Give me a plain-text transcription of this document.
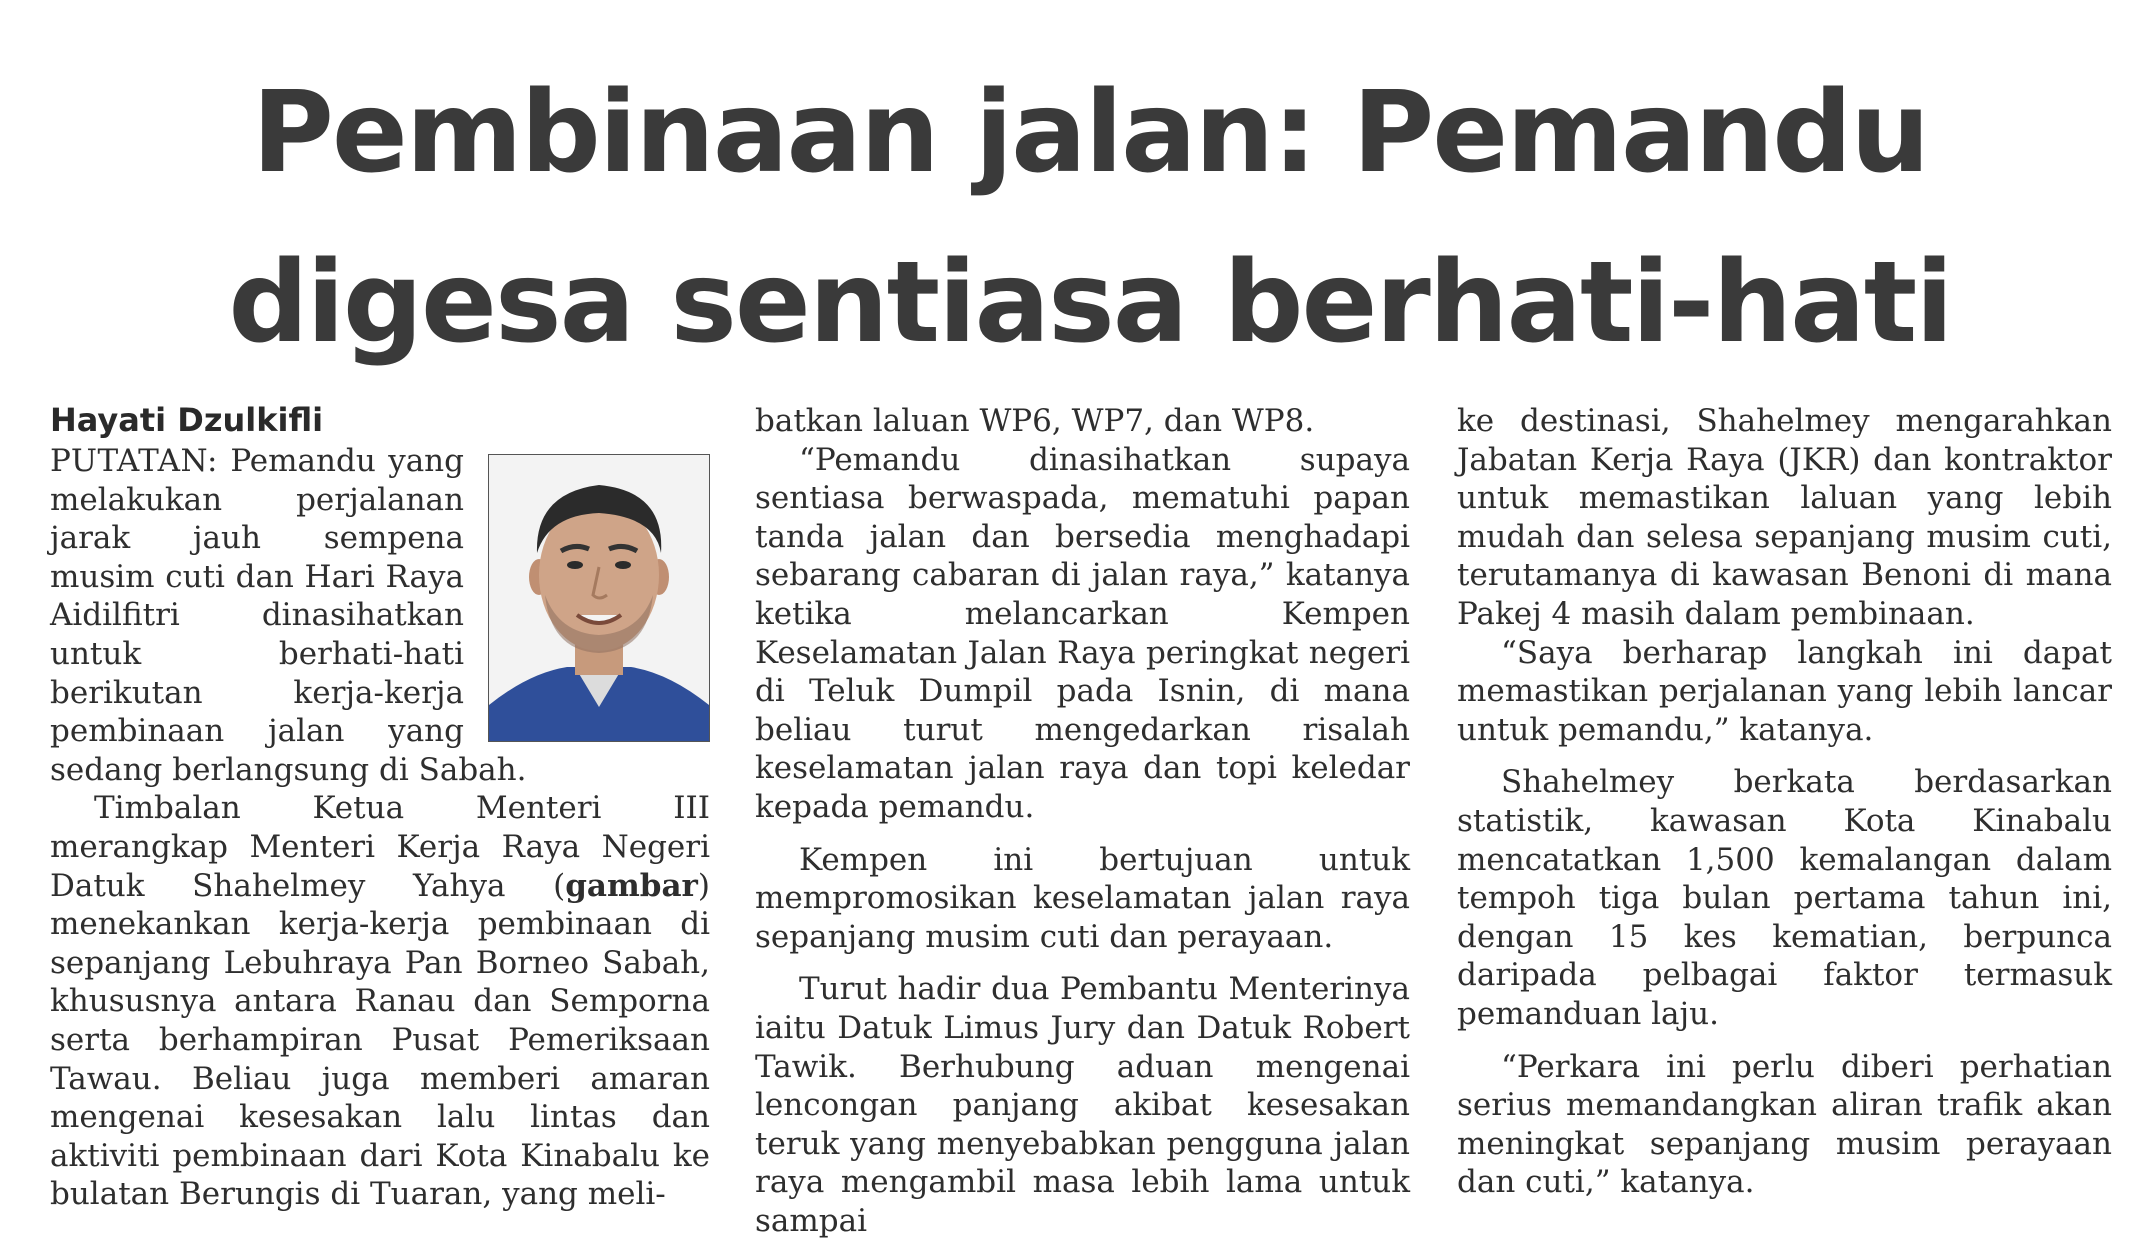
Pembinaan jalan: Pemandu
digesa sentiasa berhati-hati
Hayati Dzulkifli

PUTATAN: Pemandu yang melakukan perjalanan jarak jauh sempena musim cuti dan Hari Raya Aidilfitri dinasihatkan untuk berhati-hati berikutan kerja-kerja pembinaan jalan yang sedang berlangsung di Sabah.

Timbalan Ketua Menteri III merangkap Menteri Kerja Raya Negeri Datuk Shahelmey Yahya (gambar) menekankan kerja-kerja pembinaan di sepanjang Lebuhraya Pan Borneo Sabah, khususnya antara Ranau dan Semporna serta berhampiran Pusat Pemeriksaan Tawau. Beliau juga memberi amaran mengenai kesesakan lalu lintas dan aktiviti pembinaan dari Kota Kinabalu ke bulatan Berungis di Tuaran, yang meli-

batkan laluan WP6, WP7, dan WP8.

“Pemandu dinasihatkan supaya sentiasa berwaspada, mematuhi papan tanda jalan dan bersedia menghadapi sebarang cabaran di jalan raya,” katanya ketika melancarkan Kempen Keselamatan Jalan Raya peringkat negeri di Teluk Dumpil pada Isnin, di mana beliau turut mengedarkan risalah keselamatan jalan raya dan topi keledar kepada pemandu.

Kempen ini bertujuan untuk mempromosikan keselamatan jalan raya sepanjang musim cuti dan perayaan.

Turut hadir dua Pembantu Menterinya iaitu Datuk Limus Jury dan Datuk Robert Tawik. Berhubung aduan mengenai lencongan panjang akibat kesesakan teruk yang menyebabkan pengguna jalan raya mengambil masa lebih lama untuk sampai

ke destinasi, Shahelmey mengarahkan Jabatan Kerja Raya (JKR) dan kontraktor untuk memastikan laluan yang lebih mudah dan selesa sepanjang musim cuti, terutamanya di kawasan Benoni di mana Pakej 4 masih dalam pembinaan.

“Saya berharap langkah ini dapat memastikan perjalanan yang lebih lancar untuk pemandu,” katanya.

Shahelmey berkata berdasarkan statistik, kawasan Kota Kinabalu mencatatkan 1,500 kemalangan dalam tempoh tiga bulan pertama tahun ini, dengan 15 kes kematian, berpunca daripada pelbagai faktor termasuk pemanduan laju.

“Perkara ini perlu diberi perhatian serius memandangkan aliran trafik akan meningkat sepanjang musim perayaan dan cuti,” katanya.
